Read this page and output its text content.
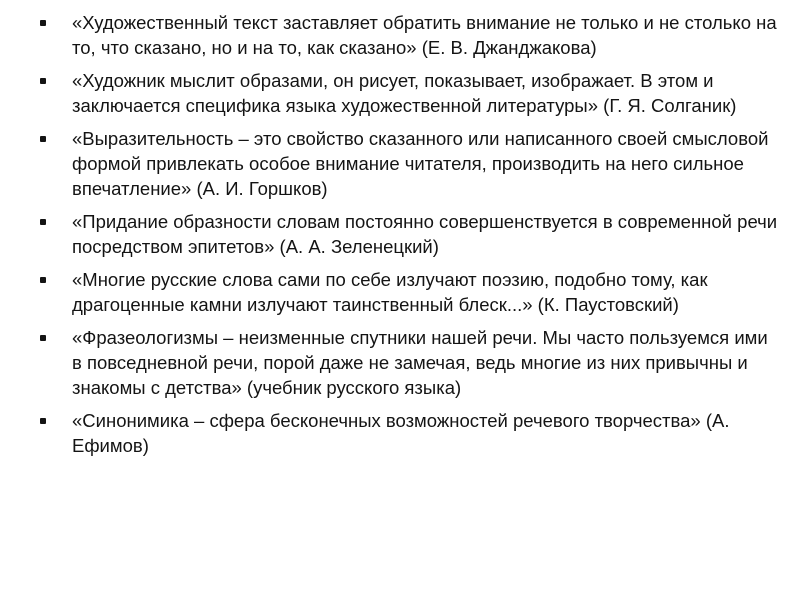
«Художественный текст заставляет обратить внимание не только и не столько на то, что сказано, но и на то, как сказано» (Е. В. Джанджакова)
«Художник мыслит образами, он рисует, показывает, изображает. В этом и заключается специфика языка художественной литературы» (Г. Я. Солганик)
«Выразительность – это свойство сказанного или написанного своей смысловой формой привлекать особое внимание читателя, производить на него сильное впечатление» (А. И. Горшков)
«Придание образности словам постоянно совершенствуется в современной речи посредством эпитетов» (А. А. Зеленецкий)
«Многие русские слова сами по себе излучают поэзию, подобно тому, как драгоценные камни излучают таинственный блеск...» (К. Паустовский)
«Фразеологизмы – неизменные спутники нашей речи. Мы часто пользуемся ими в повседневной речи, порой даже не замечая, ведь многие из них привычны и знакомы с детства» (учебник русского языка)
«Синонимика – сфера бесконечных возможностей речевого творчества» (А. Ефимов)
